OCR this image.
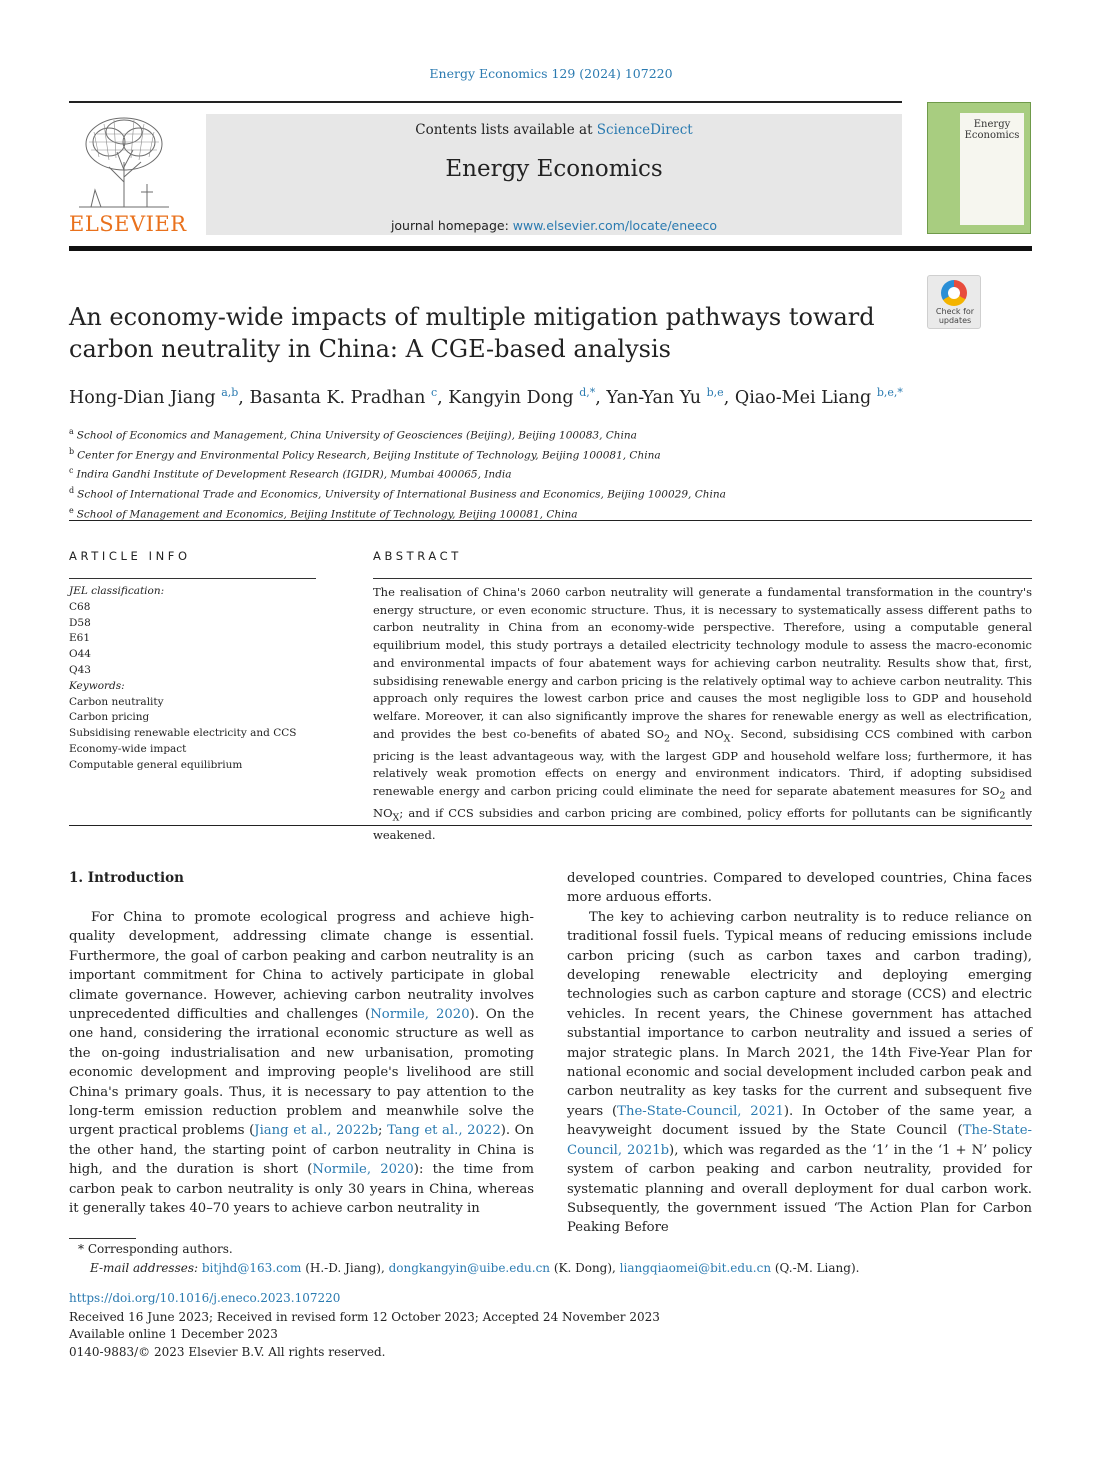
Energy Economics 129 (2024) 107220
ELSEVIER
Contents lists available at ScienceDirect
Energy Economics
journal homepage: www.elsevier.com/locate/eneeco
Energy Economics
An economy-wide impacts of multiple mitigation pathways toward carbon neutrality in China: A CGE-based analysis
Check for
updates
Hong-Dian Jiang $^{a,b}$, Basanta K. Pradhan $^c$, Kangyin Dong $^{d,*}$, Yan-Yan Yu $^{b,e}$, Qiao-Mei Liang $^{b,e,*}$
$^a$ School of Economics and Management, China University of Geosciences (Beijing), Beijing 100083, China
$^b$ Center for Energy and Environmental Policy Research, Beijing Institute of Technology, Beijing 100081, China
$^c$ Indira Gandhi Institute of Development Research (IGIDR), Mumbai 400065, India
$^d$ School of International Trade and Economics, University of International Business and Economics, Beijing 100029, China
$^e$ School of Management and Economics, Beijing Institute of Technology, Beijing 100081, China
ARTICLE INFO
JEL classification:
C68
D58
E61
O44
Q43
Keywords:
Carbon neutrality
Carbon pricing
Subsidising renewable electricity and CCS
Economy-wide impact
Computable general equilibrium
ABSTRACT
The realisation of China's 2060 carbon neutrality will generate a fundamental transformation in the country's energy structure, or even economic structure. Thus, it is necessary to systematically assess different paths to carbon neutrality in China from an economy-wide perspective. Therefore, using a computable general equilibrium model, this study portrays a detailed electricity technology module to assess the macro-economic and environmental impacts of four abatement ways for achieving carbon neutrality. Results show that, first, subsidising renewable energy and carbon pricing is the relatively optimal way to achieve carbon neutrality. This approach only requires the lowest carbon price and causes the most negligible loss to GDP and household welfare. Moreover, it can also significantly improve the shares for renewable energy as well as electrification, and provides the best co-benefits of abated $SO_2$ and $NO_X$. Second, subsidising CCS combined with carbon pricing is the least advantageous way, with the largest GDP and household welfare loss; furthermore, it has relatively weak promotion effects on energy and environment indicators. Third, if adopting subsidised renewable energy and carbon pricing could eliminate the need for separate abatement measures for $SO_2$ and $NO_X$; and if CCS subsidies and carbon pricing are combined, policy efforts for pollutants can be significantly weakened.
1. Introduction

For China to promote ecological progress and achieve high-quality development, addressing climate change is essential. Furthermore, the goal of carbon peaking and carbon neutrality is an important commitment for China to actively participate in global climate governance. However, achieving carbon neutrality involves unprecedented difficulties and challenges (Normile, 2020). On the one hand, considering the irrational economic structure as well as the on-going industrialisation and new urbanisation, promoting economic development and improving people's livelihood are still China's primary goals. Thus, it is necessary to pay attention to the long-term emission reduction problem and meanwhile solve the urgent practical problems (Jiang et al., 2022b; Tang et al., 2022). On the other hand, the starting point of carbon neutrality in China is high, and the duration is short (Normile, 2020): the time from carbon peak to carbon neutrality is only 30 years in China, whereas it generally takes 40–70 years to achieve carbon neutrality in

developed countries. Compared to developed countries, China faces more arduous efforts.

The key to achieving carbon neutrality is to reduce reliance on traditional fossil fuels. Typical means of reducing emissions include carbon pricing (such as carbon taxes and carbon trading), developing renewable electricity and deploying emerging technologies such as carbon capture and storage (CCS) and electric vehicles. In recent years, the Chinese government has attached substantial importance to carbon neutrality and issued a series of major strategic plans. In March 2021, the 14th Five-Year Plan for national economic and social development included carbon peak and carbon neutrality as key tasks for the current and subsequent five years (The-State-Council, 2021). In October of the same year, a heavyweight document issued by the State Council (The-State-Council, 2021b), which was regarded as the ‘1’ in the ‘1 + N’ policy system of carbon peaking and carbon neutrality, provided for systematic planning and overall deployment for dual carbon work. Subsequently, the government issued ‘The Action Plan for Carbon Peaking Before

* Corresponding authors.
E-mail addresses: bitjhd@163.com (H.-D. Jiang), dongkangyin@uibe.edu.cn (K. Dong), liangqiaomei@bit.edu.cn (Q.-M. Liang).
https://doi.org/10.1016/j.eneco.2023.107220
Received 16 June 2023; Received in revised form 12 October 2023; Accepted 24 November 2023
Available online 1 December 2023
0140-9883/© 2023 Elsevier B.V. All rights reserved.
